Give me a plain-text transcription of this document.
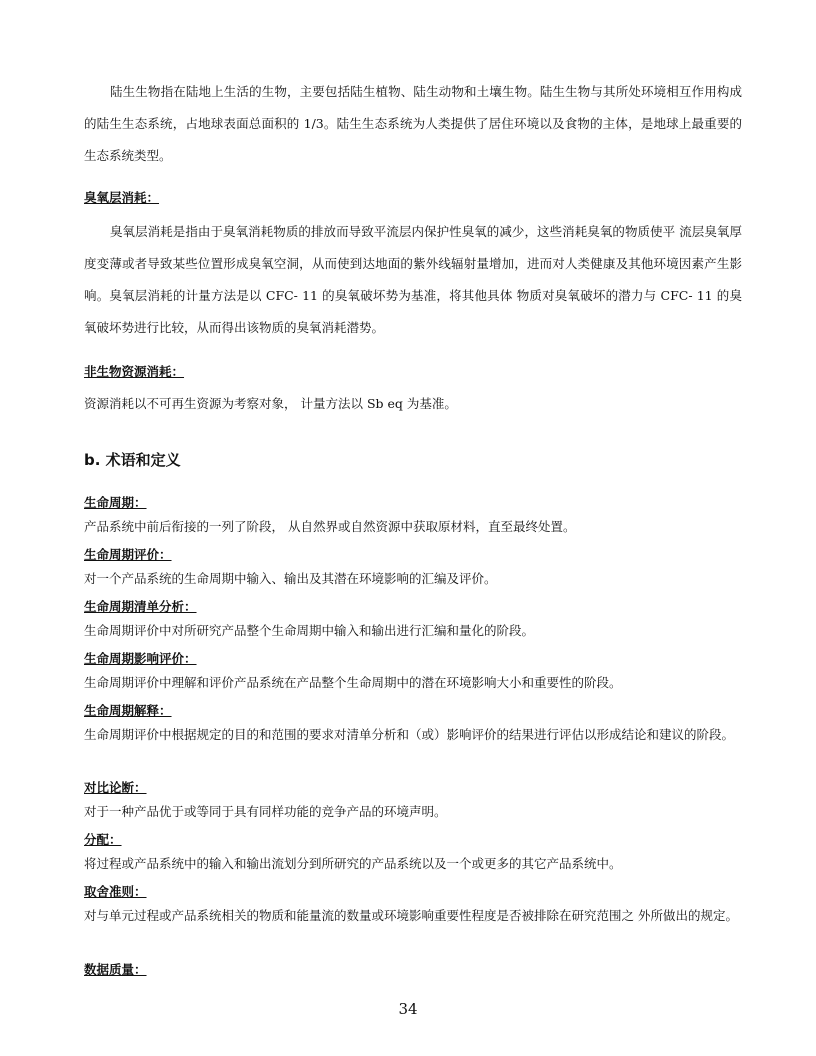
陆生生物指在陆地上生活的生物，主要包括陆生植物、陆生动物和土壤生物。陆生生物与其所处环境相互作用构成的陆生生态系统，占地球表面总面积的 1/3。陆生生态系统为人类提供了居住环境以及食物的主体，是地球上最重要的生态系统类型。
臭氧层消耗：
臭氧层消耗是指由于臭氧消耗物质的排放而导致平流层内保护性臭氧的减少，这些消耗臭氧的物质使平 流层臭氧厚度变薄或者导致某些位置形成臭氧空洞，从而使到达地面的紫外线辐射量增加，进而对人类健康及其他环境因素产生影响。臭氧层消耗的计量方法是以 CFC- 11 的臭氧破坏势为基准，将其他具体 物质对臭氧破坏的潜力与 CFC- 11 的臭氧破坏势进行比较，从而得出该物质的臭氧消耗潜势。
非生物资源消耗：
资源消耗以不可再生资源为考察对象， 计量方法以 Sb eq 为基准。
b. 术语和定义
生命周期：
产品系统中前后衔接的一列了阶段， 从自然界或自然资源中获取原材料，直至最终处置。
生命周期评价：
对一个产品系统的生命周期中输入、输出及其潜在环境影响的汇编及评价。
生命周期清单分析：
生命周期评价中对所研究产品整个生命周期中输入和输出进行汇编和量化的阶段。
生命周期影响评价：
生命周期评价中理解和评价产品系统在产品整个生命周期中的潜在环境影响大小和重要性的阶段。
生命周期解释：
生命周期评价中根据规定的目的和范围的要求对清单分析和（或）影响评价的结果进行评估以形成结论和建议的阶段。
对比论断：
对于一种产品优于或等同于具有同样功能的竞争产品的环境声明。
分配：
将过程或产品系统中的输入和输出流划分到所研究的产品系统以及一个或更多的其它产品系统中。
取舍准则：
对与单元过程或产品系统相关的物质和能量流的数量或环境影响重要性程度是否被排除在研究范围之 外所做出的规定。
数据质量：
34
